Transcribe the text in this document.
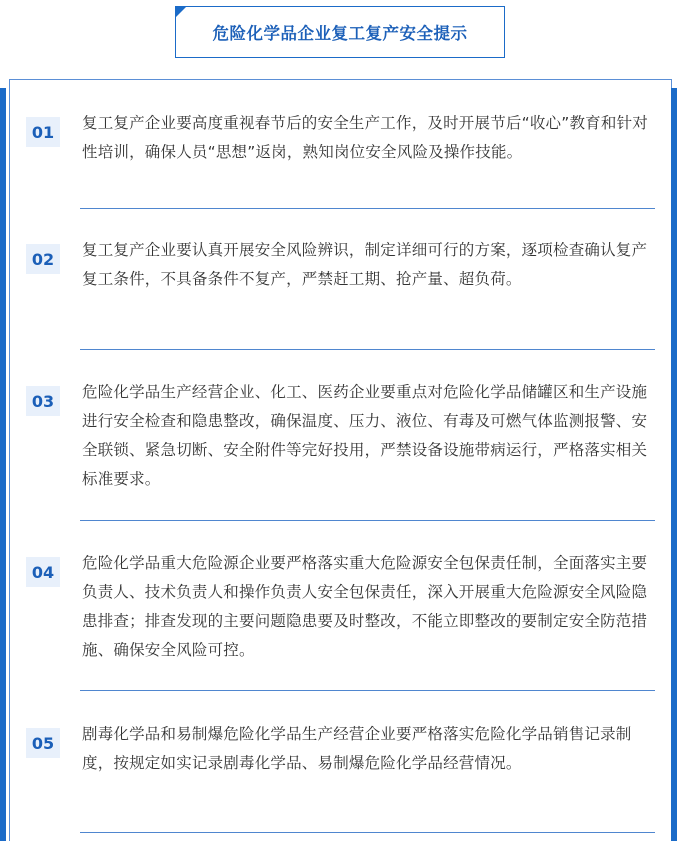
危险化学品企业复工复产安全提示
01	复工复产企业要高度重视春节后的安全生产工作，及时开展节后“收心”教育和针对性培训，确保人员“思想”返岗，熟知岗位安全风险及操作技能。
02	复工复产企业要认真开展安全风险辨识，制定详细可行的方案，逐项检查确认复产复工条件，不具备条件不复产，严禁赶工期、抢产量、超负荷。
03	危险化学品生产经营企业、化工、医药企业要重点对危险化学品储罐区和生产设施进行安全检查和隐患整改，确保温度、压力、液位、有毒及可燃气体监测报警、安全联锁、紧急切断、安全附件等完好投用，严禁设备设施带病运行，严格落实相关标准要求。
04	危险化学品重大危险源企业要严格落实重大危险源安全包保责任制，全面落实主要负责人、技术负责人和操作负责人安全包保责任，深入开展重大危险源安全风险隐患排查；排查发现的主要问题隐患要及时整改，不能立即整改的要制定安全防范措施、确保安全风险可控。
05	剧毒化学品和易制爆危险化学品生产经营企业要严格落实危险化学品销售记录制度，按规定如实记录剧毒化学品、易制爆危险化学品经营情况。
